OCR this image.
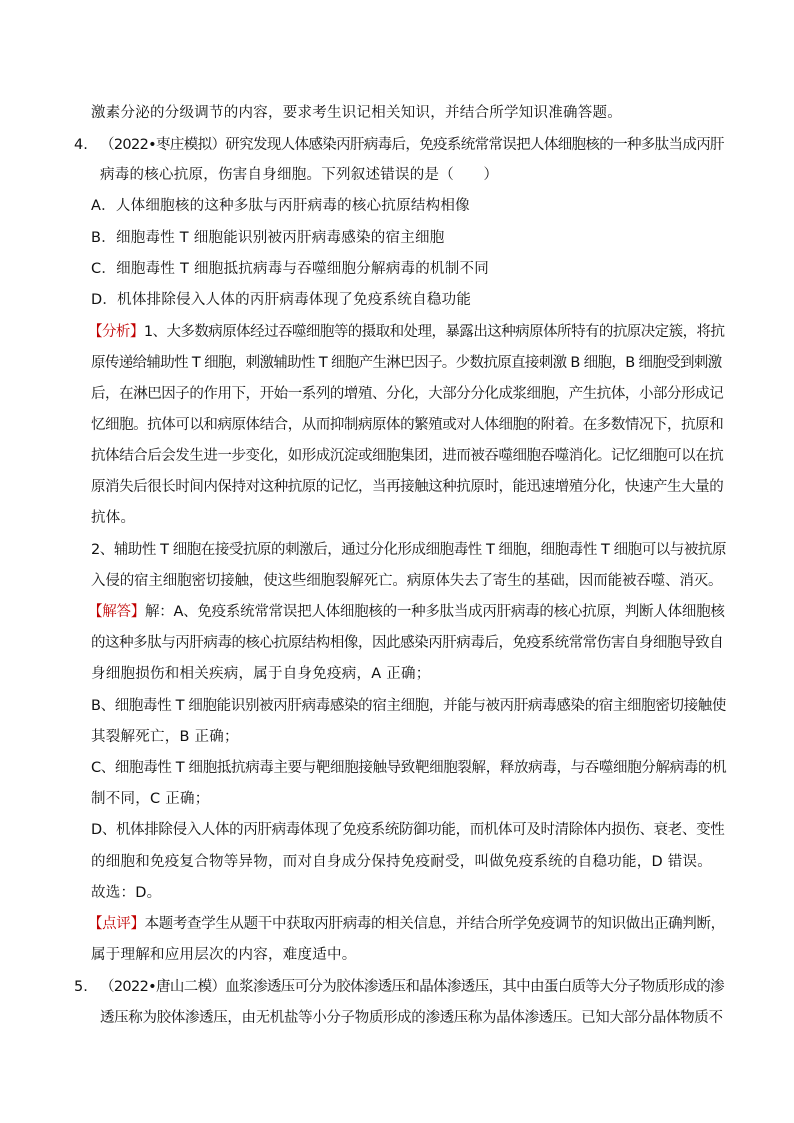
激素分泌的分级调节的内容，要求考生识记相关知识，并结合所学知识准确答题。
4. （2022•枣庄模拟）研究发现人体感染丙肝病毒后，免疫系统常常误把人体细胞核的一种多肽当成丙肝
病毒的核心抗原，伤害自身细胞。下列叙述错误的是（　　）
A．人体细胞核的这种多肽与丙肝病毒的核心抗原结构相像
B．细胞毒性 T 细胞能识别被丙肝病毒感染的宿主细胞
C．细胞毒性 T 细胞抵抗病毒与吞噬细胞分解病毒的机制不同
D．机体排除侵入人体的丙肝病毒体现了免疫系统自稳功能
【分析】1、大多数病原体经过吞噬细胞等的摄取和处理，暴露出这种病原体所特有的抗原决定簇，将抗
原传递给辅助性 T 细胞，刺激辅助性 T 细胞产生淋巴因子。少数抗原直接刺激 B 细胞，B 细胞受到刺激
后，在淋巴因子的作用下，开始一系列的增殖、分化，大部分分化成浆细胞，产生抗体，小部分形成记
忆细胞。抗体可以和病原体结合，从而抑制病原体的繁殖或对人体细胞的附着。在多数情况下，抗原和
抗体结合后会发生进一步变化，如形成沉淀或细胞集团，进而被吞噬细胞吞噬消化。记忆细胞可以在抗
原消失后很长时间内保持对这种抗原的记忆，当再接触这种抗原时，能迅速增殖分化，快速产生大量的
抗体。
2、辅助性 T 细胞在接受抗原的刺激后，通过分化形成细胞毒性 T 细胞，细胞毒性 T 细胞可以与被抗原
入侵的宿主细胞密切接触，使这些细胞裂解死亡。病原体失去了寄生的基础，因而能被吞噬、消灭。
【解答】解：A、免疫系统常常误把人体细胞核的一种多肽当成丙肝病毒的核心抗原，判断人体细胞核
的这种多肽与丙肝病毒的核心抗原结构相像，因此感染丙肝病毒后，免疫系统常常伤害自身细胞导致自
身细胞损伤和相关疾病，属于自身免疫病，A 正确；
B、细胞毒性 T 细胞能识别被丙肝病毒感染的宿主细胞，并能与被丙肝病毒感染的宿主细胞密切接触使
其裂解死亡，B 正确；
C、细胞毒性 T 细胞抵抗病毒主要与靶细胞接触导致靶细胞裂解，释放病毒，与吞噬细胞分解病毒的机
制不同，C 正确；
D、机体排除侵入人体的丙肝病毒体现了免疫系统防御功能，而机体可及时清除体内损伤、衰老、变性
的细胞和免疫复合物等异物，而对自身成分保持免疫耐受，叫做免疫系统的自稳功能，D 错误。
故选：D。
【点评】本题考查学生从题干中获取丙肝病毒的相关信息，并结合所学免疫调节的知识做出正确判断，
属于理解和应用层次的内容，难度适中。
5. （2022•唐山二模）血浆渗透压可分为胶体渗透压和晶体渗透压，其中由蛋白质等大分子物质形成的渗
透压称为胶体渗透压，由无机盐等小分子物质形成的渗透压称为晶体渗透压。已知大部分晶体物质不
